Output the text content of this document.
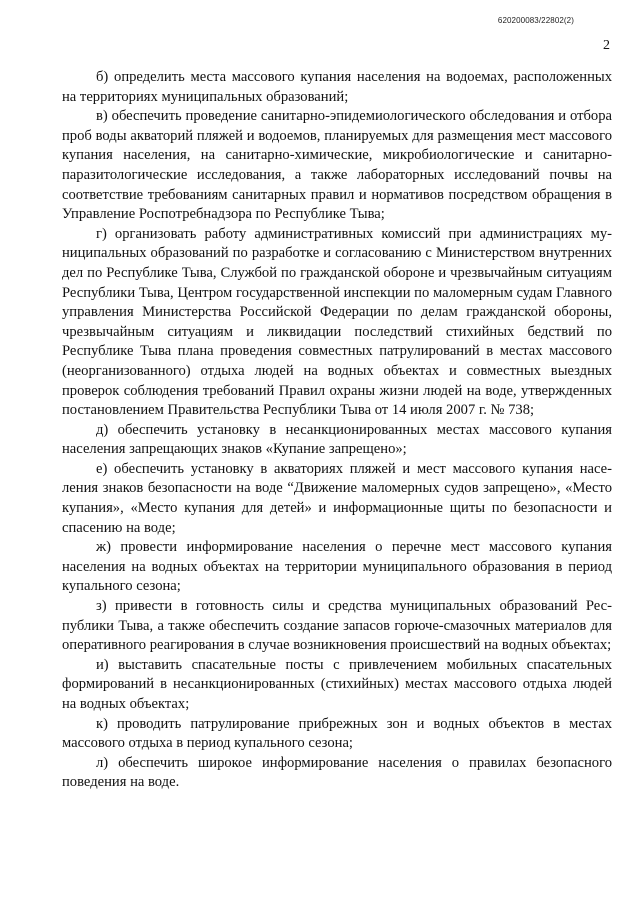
620200083/22802(2)
2

б) определить места массового купания населения на водоемах, расположенных на территориях муниципальных образований;

в) обеспечить проведение санитарно-эпидемиологического обследования и отбора проб воды акваторий пляжей и водоемов, планируемых для размещения мест массового купания населения, на санитарно-химические, микробиологические и санитарно-паразитологические исследования, а также лабораторных исследований почвы на соответствие требованиям санитарных правил и нормативов посредством обращения в Управление Роспотребнадзора по Республике Тыва;

г) организовать работу административных комиссий при администрациях муниципальных образований по разработке и согласованию с Министерством внутренних дел по Республике Тыва, Службой по гражданской обороне и чрезвычайным ситуациям Республики Тыва, Центром государственной инспекции по маломерным судам Главного управления Министерства Российской Федерации по делам гражданской обороны, чрезвычайным ситуациям и ликвидации последствий стихийных бедствий по Республике Тыва плана проведения совместных патрулирований в местах массового (неорганизованного) отдыха людей на водных объектах и совместных выездных проверок соблюдения требований Правил охраны жизни людей на воде, утвержденных постановлением Правительства Республики Тыва от 14 июля 2007 г. № 738;

д) обеспечить установку в несанкционированных местах массового купания населения запрещающих знаков «Купание запрещено»;

е) обеспечить установку в акваториях пляжей и мест массового купания населения знаков безопасности на воде “Движение маломерных судов запрещено», «Место купания», «Место купания для детей» и информационные щиты по безопасности и спасению на воде;

ж) провести информирование населения о перечне мест массового купания населения на водных объектах на территории муниципального образования в период купального сезона;

з) привести в готовность силы и средства муниципальных образований Республики Тыва, а также обеспечить создание запасов горюче-смазочных материалов для оперативного реагирования в случае возникновения происшествий на водных объектах;

и) выставить спасательные посты с привлечением мобильных спасательных формирований в несанкционированных (стихийных) местах массового отдыха людей на водных объектах;

к) проводить патрулирование прибрежных зон и водных объектов в местах массового отдыха в период купального сезона;

л) обеспечить широкое информирование населения о правилах безопасного поведения на воде.
